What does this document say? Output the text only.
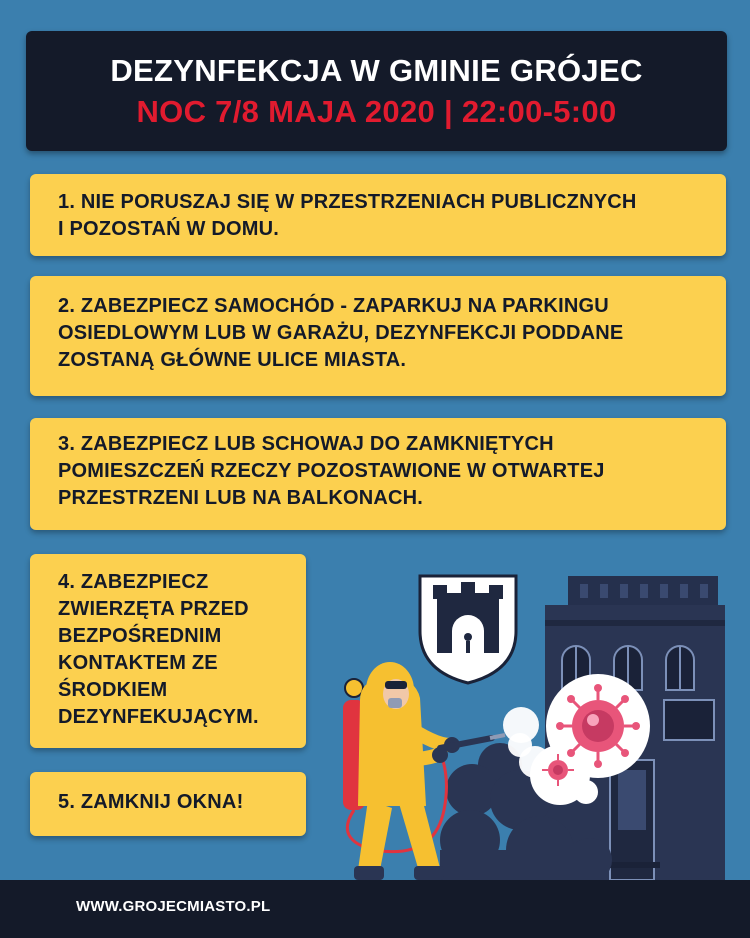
DEZYNFEKCJA W GMINIE GRÓJEC
NOC 7/8 MAJA 2020 | 22:00-5:00
1. NIE PORUSZAJ SIĘ W PRZESTRZENIACH PUBLICZNYCH
I POZOSTAŃ W DOMU.
2. ZABEZPIECZ SAMOCHÓD - ZAPARKUJ NA PARKINGU
OSIEDLOWYM LUB W GARAŻU, DEZYNFEKCJI PODDANE
ZOSTANĄ GŁÓWNE ULICE MIASTA.
3. ZABEZPIECZ LUB SCHOWAJ DO ZAMKNIĘTYCH
POMIESZCZEŃ RZECZY POZOSTAWIONE W OTWARTEJ
PRZESTRZENI LUB NA BALKONACH.
4. ZABEZPIECZ
ZWIERZĘTA PRZED
BEZPOŚREDNIM
KONTAKTEM ZE
ŚRODKIEM
DEZYNFEKUJĄCYM.
5. ZAMKNIJ OKNA!
WWW.GROJECMIASTO.PL
